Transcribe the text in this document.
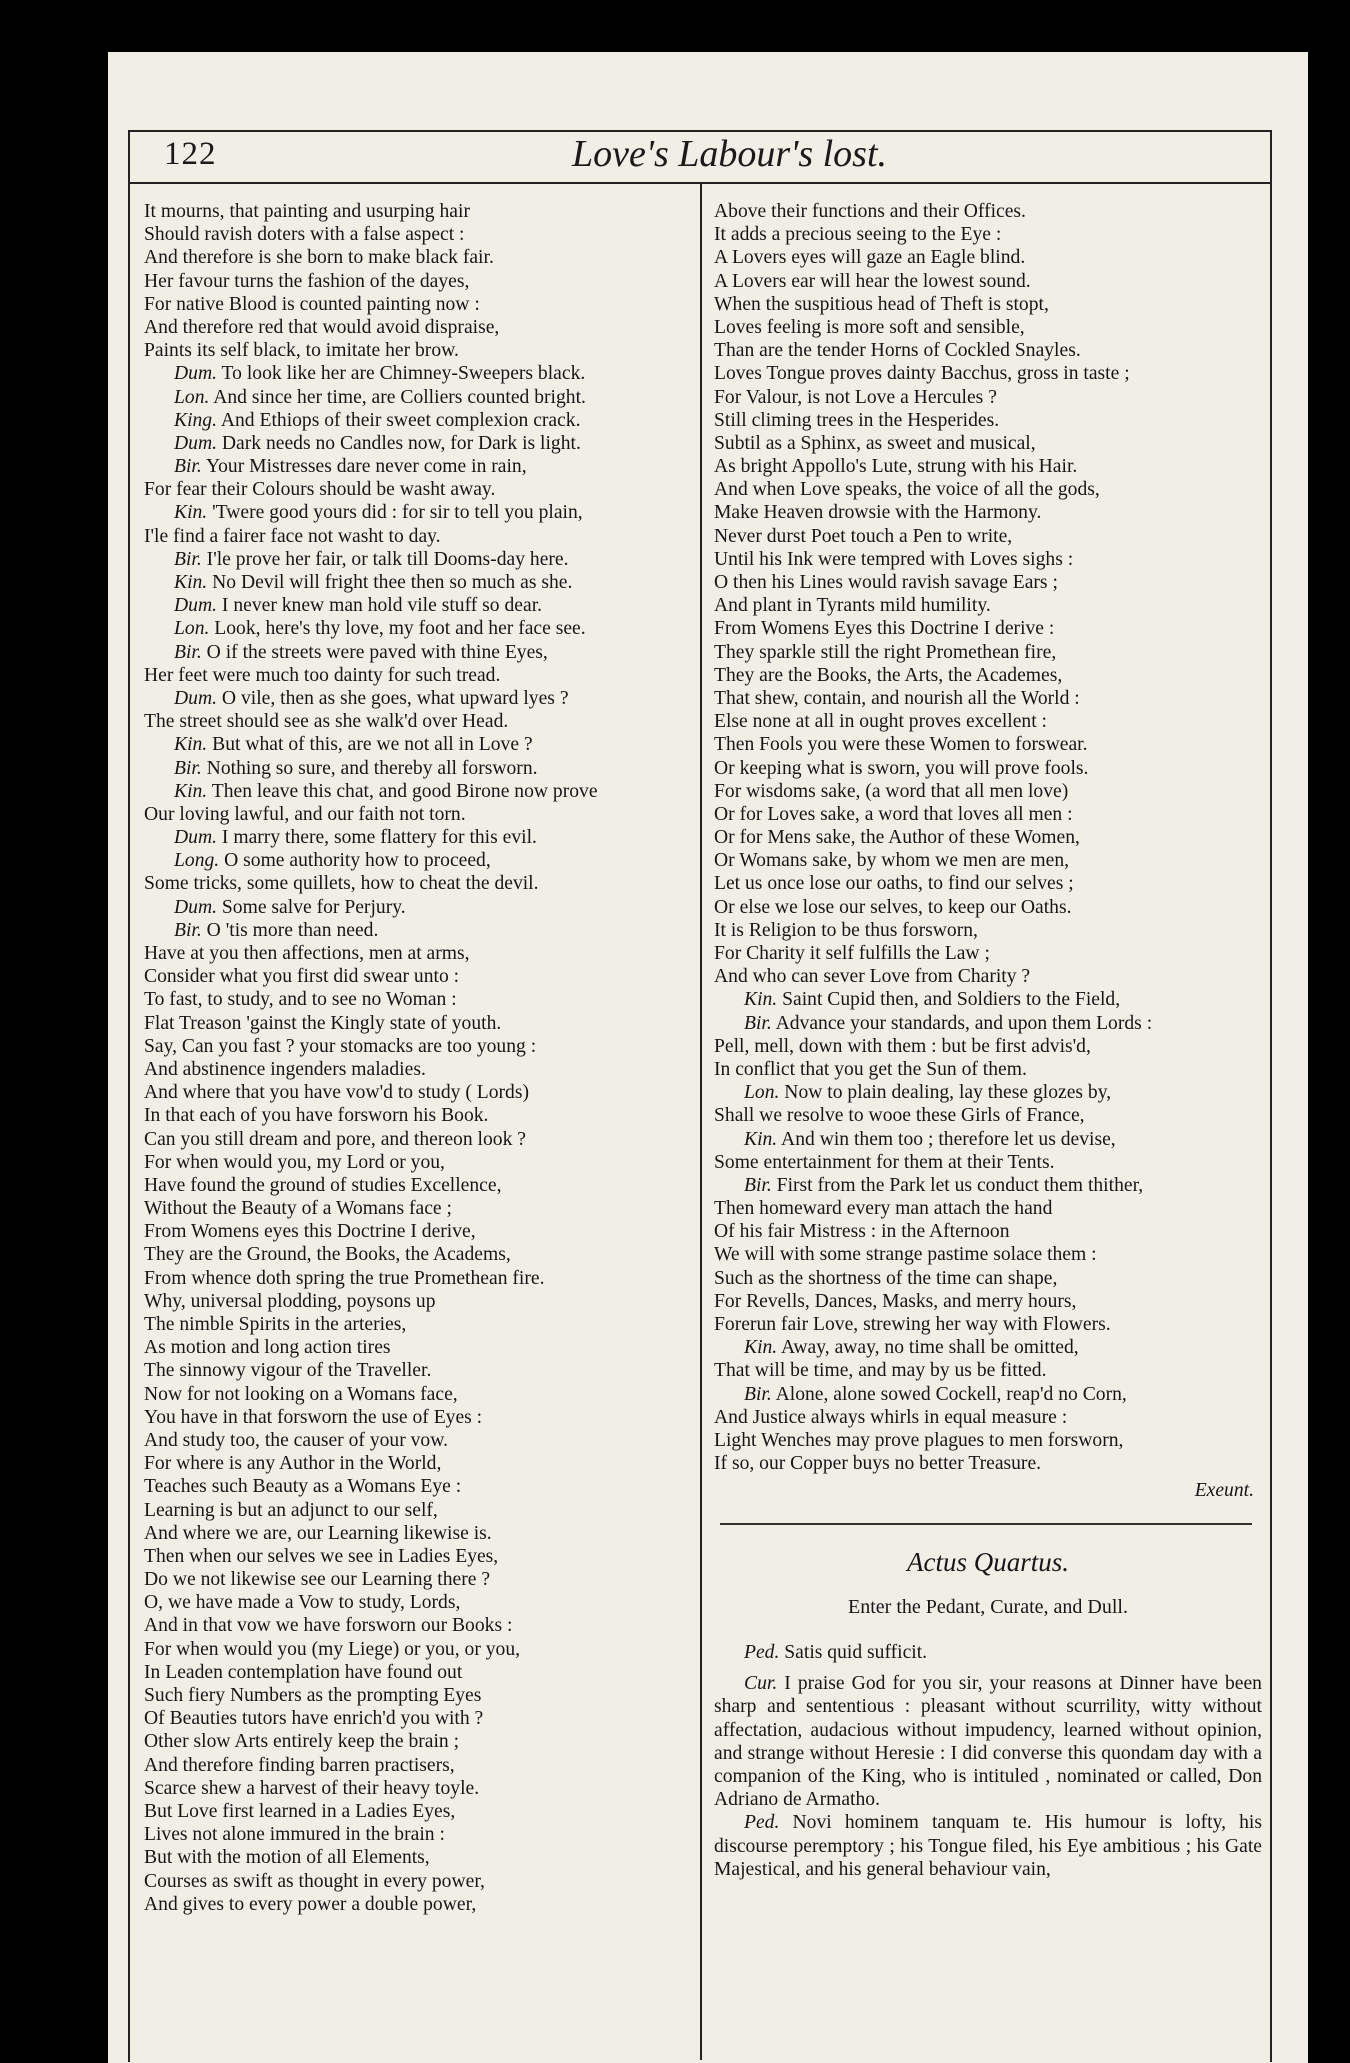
122	Love's Labour's lost.
It mourns, that painting and usurping hair
Should ravish doters with a false aspect :
And therefore is she born to make black fair.
Her favour turns the fashion of the dayes,
For native Blood is counted painting now :
And therefore red that would avoid dispraise,
Paints its self black, to imitate her brow.
Dum. To look like her are Chimney-Sweepers black.
Lon. And since her time, are Colliers counted bright.
King. And Ethiops of their sweet complexion crack.
Dum. Dark needs no Candles now, for Dark is light.
Bir. Your Mistresses dare never come in rain,
For fear their Colours should be washt away.
Kin. 'Twere good yours did : for sir to tell you plain,
I'le find a fairer face not washt to day.
Bir. I'le prove her fair, or talk till Dooms-day here.
Kin. No Devil will fright thee then so much as she.
Dum. I never knew man hold vile stuff so dear.
Lon. Look, here's thy love, my foot and her face see.
Bir. O if the streets were paved with thine Eyes,
Her feet were much too dainty for such tread.
Dum. O vile, then as she goes, what upward lyes ?
The street should see as she walk'd over Head.
Kin. But what of this, are we not all in Love ?
Bir. Nothing so sure, and thereby all forsworn.
Kin. Then leave this chat, and good Birone now prove
Our loving lawful, and our faith not torn.
Dum. I marry there, some flattery for this evil.
Long. O some authority how to proceed,
Some tricks, some quillets, how to cheat the devil.
Dum. Some salve for Perjury.
Bir. O 'tis more than need.
Have at you then affections, men at arms,
Consider what you first did swear unto :
To fast, to study, and to see no Woman :
Flat Treason 'gainst the Kingly state of youth.
Say, Can you fast ? your stomacks are too young :
And abstinence ingenders maladies.
And where that you have vow'd to study ( Lords)
In that each of you have forsworn his Book.
Can you still dream and pore, and thereon look ?
For when would you, my Lord or you,
Have found the ground of studies Excellence,
Without the Beauty of a Womans face ;
From Womens eyes this Doctrine I derive,
They are the Ground, the Books, the Academs,
From whence doth spring the true Promethean fire.
Why, universal plodding, poysons up
The nimble Spirits in the arteries,
As motion and long action tires
The sinnowy vigour of the Traveller.
Now for not looking on a Womans face,
You have in that forsworn the use of Eyes :
And study too, the causer of your vow.
For where is any Author in the World,
Teaches such Beauty as a Womans Eye :
Learning is but an adjunct to our self,
And where we are, our Learning likewise is.
Then when our selves we see in Ladies Eyes,
Do we not likewise see our Learning there ?
O, we have made a Vow to study, Lords,
And in that vow we have forsworn our Books :
For when would you (my Liege) or you, or you,
In Leaden contemplation have found out
Such fiery Numbers as the prompting Eyes
Of Beauties tutors have enrich'd you with ?
Other slow Arts entirely keep the brain ;
And therefore finding barren practisers,
Scarce shew a harvest of their heavy toyle.
But Love first learned in a Ladies Eyes,
Lives not alone immured in the brain :
But with the motion of all Elements,
Courses as swift as thought in every power,
And gives to every power a double power,
Above their functions and their Offices.
It adds a precious seeing to the Eye :
A Lovers eyes will gaze an Eagle blind.
A Lovers ear will hear the lowest sound.
When the suspitious head of Theft is stopt,
Loves feeling is more soft and sensible,
Than are the tender Horns of Cockled Snayles.
Loves Tongue proves dainty Bacchus, gross in taste ;
For Valour, is not Love a Hercules ?
Still climing trees in the Hesperides.
Subtil as a Sphinx, as sweet and musical,
As bright Appollo's Lute, strung with his Hair.
And when Love speaks, the voice of all the gods,
Make Heaven drowsie with the Harmony.
Never durst Poet touch a Pen to write,
Until his Ink were tempred with Loves sighs :
O then his Lines would ravish savage Ears ;
And plant in Tyrants mild humility.
From Womens Eyes this Doctrine I derive :
They sparkle still the right Promethean fire,
They are the Books, the Arts, the Academes,
That shew, contain, and nourish all the World :
Else none at all in ought proves excellent :
Then Fools you were these Women to forswear.
Or keeping what is sworn, you will prove fools.
For wisdoms sake, (a word that all men love)
Or for Loves sake, a word that loves all men :
Or for Mens sake, the Author of these Women,
Or Womans sake, by whom we men are men,
Let us once lose our oaths, to find our selves ;
Or else we lose our selves, to keep our Oaths.
It is Religion to be thus forsworn,
For Charity it self fulfills the Law ;
And who can sever Love from Charity ?
Kin. Saint Cupid then, and Soldiers to the Field,
Bir. Advance your standards, and upon them Lords :
Pell, mell, down with them : but be first advis'd,
In conflict that you get the Sun of them.
Lon. Now to plain dealing, lay these glozes by,
Shall we resolve to wooe these Girls of France,
Kin. And win them too ; therefore let us devise,
Some entertainment for them at their Tents.
Bir. First from the Park let us conduct them thither,
Then homeward every man attach the hand
Of his fair Mistress : in the Afternoon
We will with some strange pastime solace them :
Such as the shortness of the time can shape,
For Revells, Dances, Masks, and merry hours,
Forerun fair Love, strewing her way with Flowers.
Kin. Away, away, no time shall be omitted,
That will be time, and may by us be fitted.
Bir. Alone, alone sowed Cockell, reap'd no Corn,
And Justice always whirls in equal measure :
Light Wenches may prove plagues to men forsworn,
If so, our Copper buys no better Treasure.
Exeunt.
Actus Quartus.
Enter the Pedant, Curate, and Dull.
Ped. Satis quid sufficit.
Cur. I praise God for you sir, your reasons at Dinner have been sharp and sententious : pleasant without scurrility, witty without affectation, audacious without impudency, learned without opinion, and strange without Heresie : I did converse this quondam day with a companion of the King, who is intituled , nominated or called, Don Adriano de Armatho.
Ped. Novi hominem tanquam te. His humour is lofty, his discourse peremptory ; his Tongue filed, his Eye ambitious ; his Gate Majestical, and his general behaviour vain,
